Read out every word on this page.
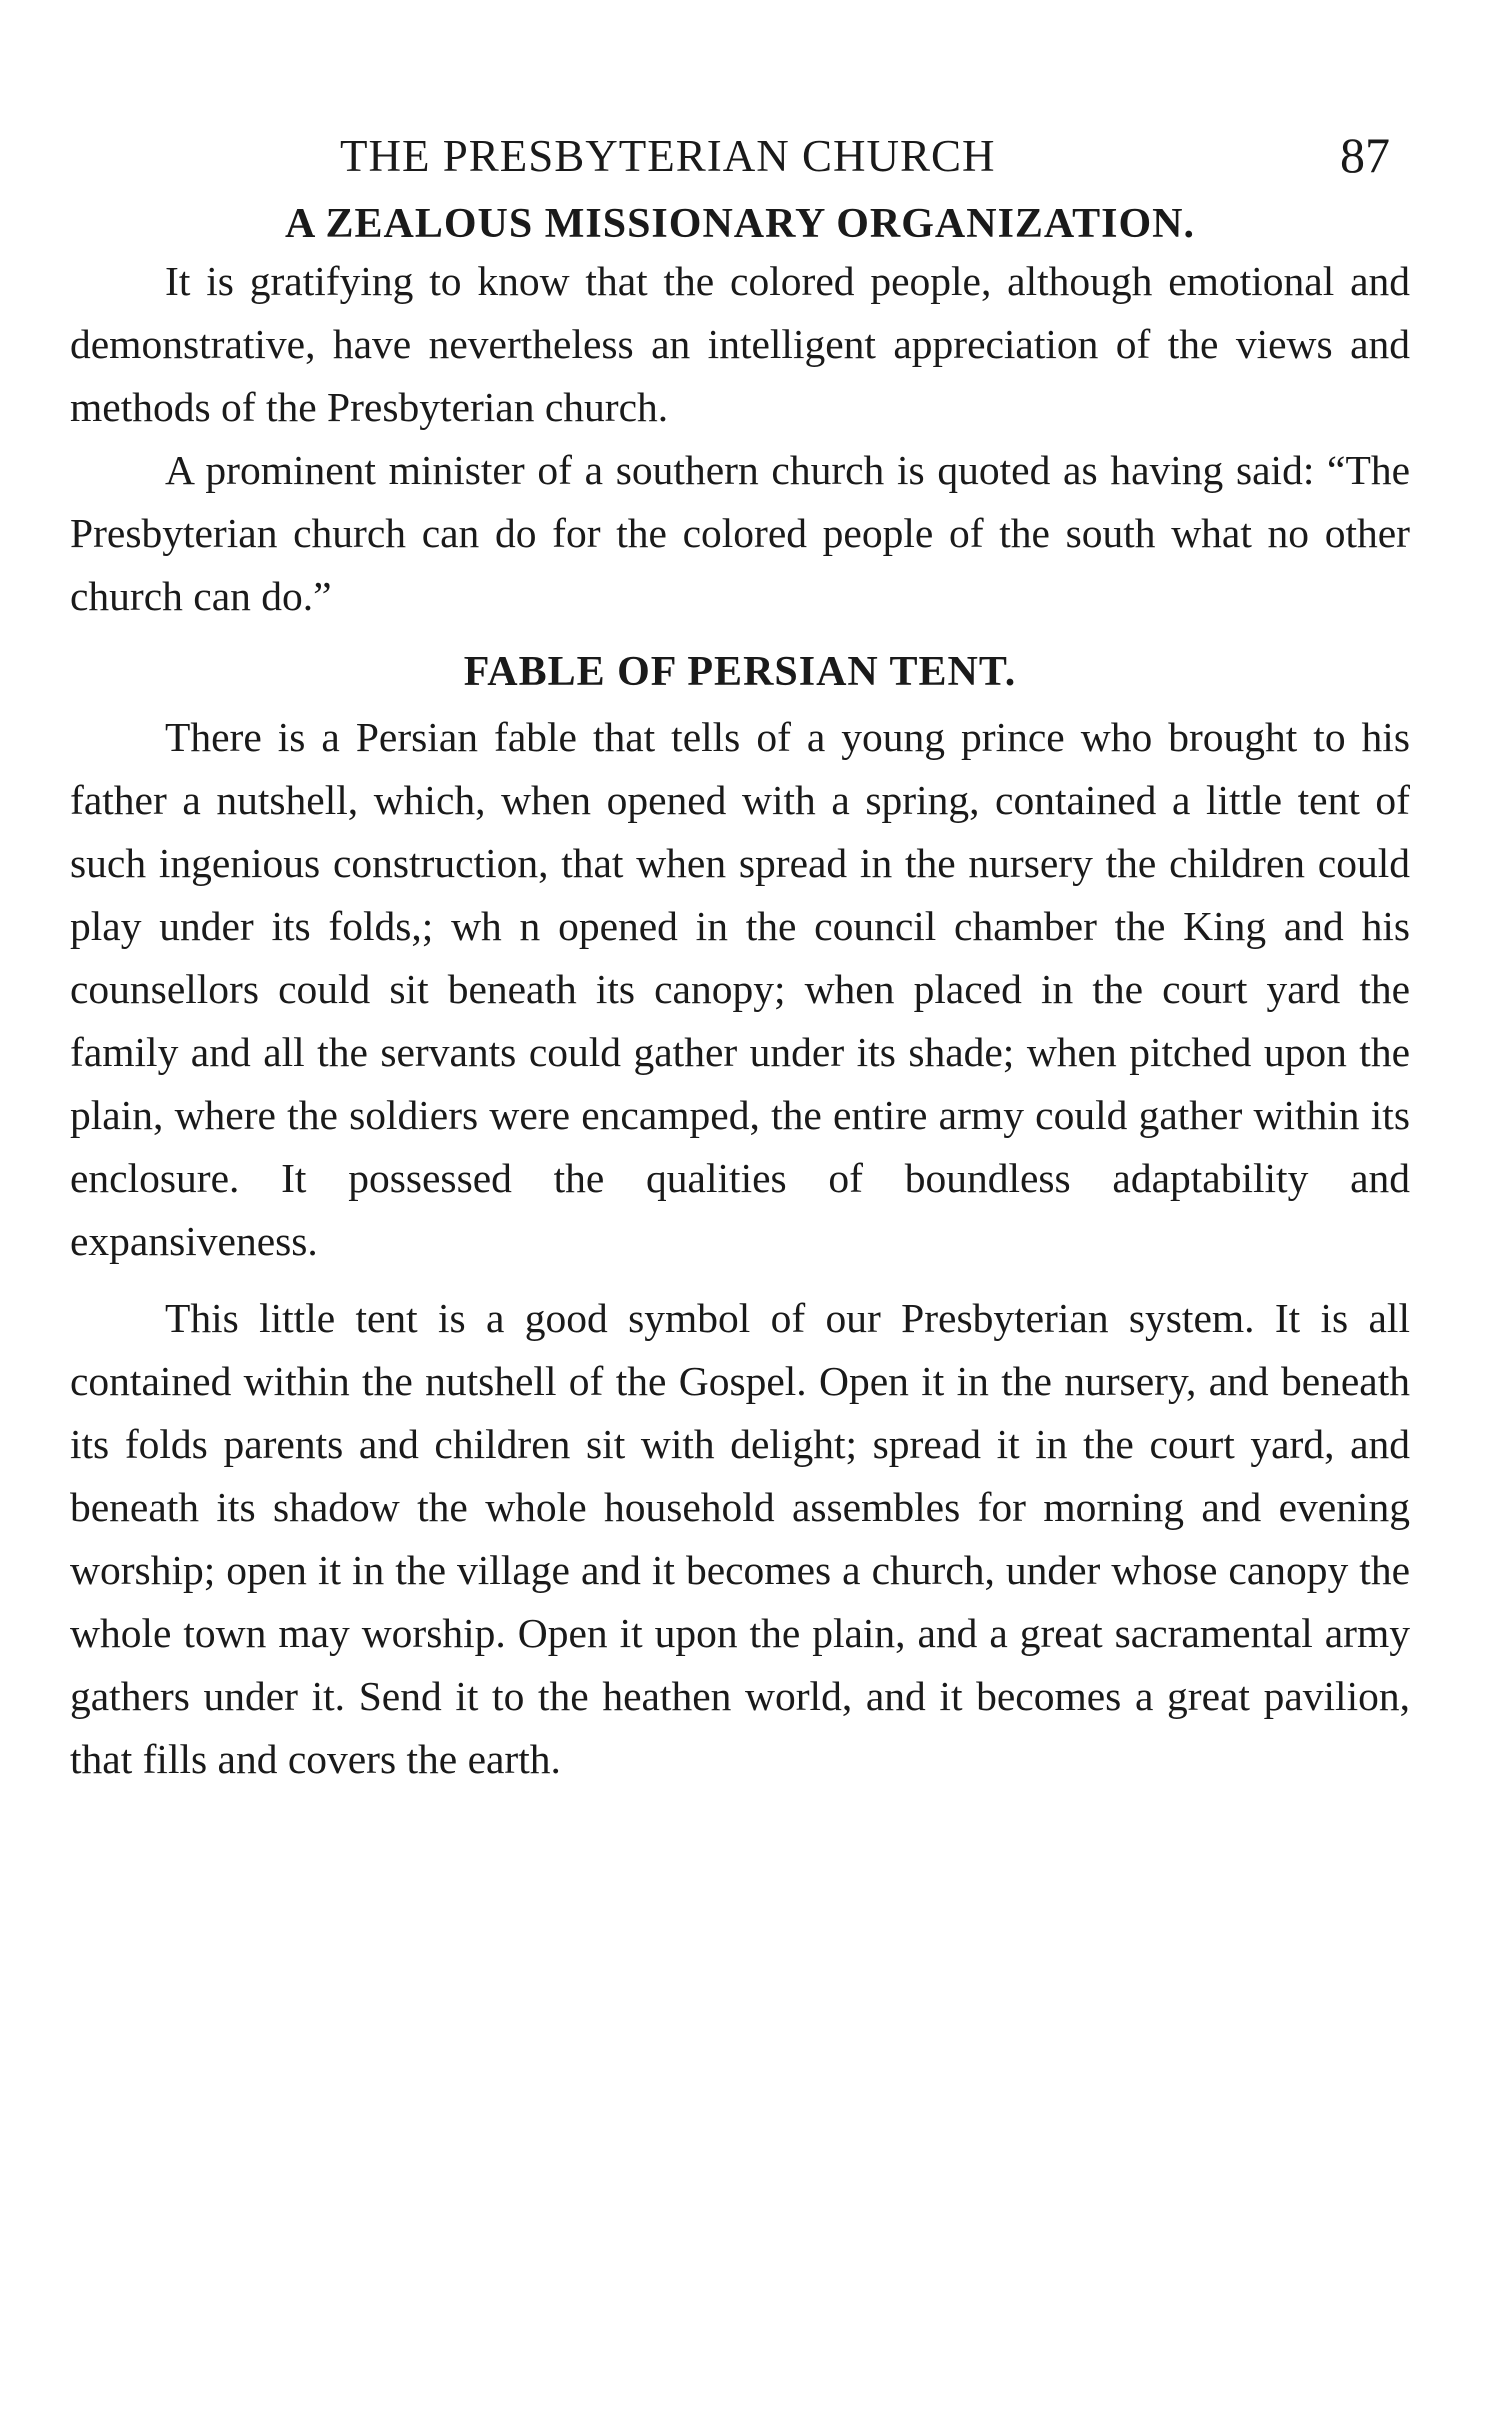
THE PRESBYTERIAN CHURCH	87
A ZEALOUS MISSIONARY ORGANIZATION.

It is gratifying to know that the colored people, although emotional and demonstrative, have nevertheless an intelligent appreciation of the views and methods of the Presbyterian church.

A prominent minister of a southern church is quoted as having said: “The Presbyterian church can do for the colored people of the south what no other church can do.”

FABLE OF PERSIAN TENT.

There is a Persian fable that tells of a young prince who brought to his father a nutshell, which, when opened with a spring, contained a little tent of such ingenious construction, that when spread in the nursery the children could play under its folds,; wh n opened in the council chamber the King and his counsellors could sit beneath its canopy; when placed in the court yard the family and all the servants could gather under its shade; when pitched upon the plain, where the soldiers were encamped, the entire army could gather within its enclosure. It possessed the qualities of boundless adaptability and expansiveness.

This little tent is a good symbol of our Presbyterian system. It is all contained within the nutshell of the Gospel. Open it in the nursery, and beneath its folds parents and children sit with delight; spread it in the court yard, and beneath its shadow the whole household assembles for morning and evening worship; open it in the village and it becomes a church, under whose canopy the whole town may worship. Open it upon the plain, and a great sacramental army gathers under it. Send it to the heathen world, and it becomes a great pavilion, that fills and covers the earth.
